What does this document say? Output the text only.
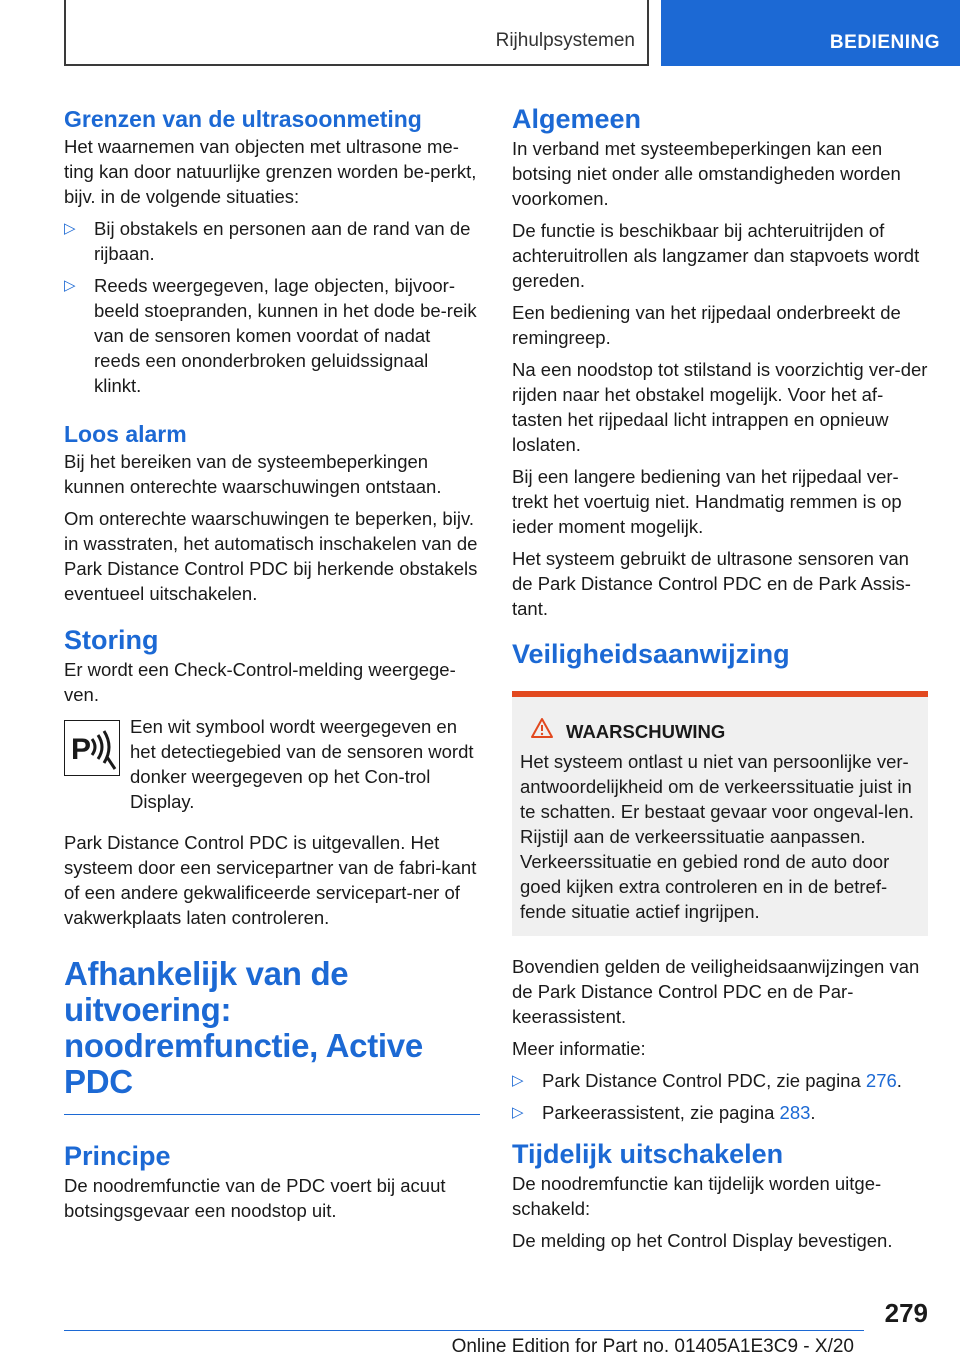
Rijhulpsystemen	BEDIENING
Grenzen van de ultrasoonmeting

Het waarnemen van objecten met ultrasone me-ting kan door natuurlijke grenzen worden be-perkt, bijv. in de volgende situaties:

▷ Bij obstakels en personen aan de rand van de rijbaan.
▷ Reeds weergegeven, lage objecten, bijvoor-beeld stoepranden, kunnen in het dode be-reik van de sensoren komen voordat of nadat reeds een ononderbroken geluidssignaal klinkt.
Loos alarm

Bij het bereiken van de systeembeperkingen kunnen onterechte waarschuwingen ontstaan.

Om onterechte waarschuwingen te beperken, bijv. in wasstraten, het automatisch inschakelen van de Park Distance Control PDC bij herkende obstakels eventueel uitschakelen.

Storing

Er wordt een Check-Control-melding weergege-ven.

P
Een wit symbool wordt weergegeven en het detectiegebied van de sensoren wordt donker weergegeven op het Con-trol Display.

Park Distance Control PDC is uitgevallen. Het systeem door een servicepartner van de fabri-kant of een andere gekwalificeerde servicepart-ner of vakwerkplaats laten controleren.

Afhankelijk van de uitvoering: noodremfunctie, Active PDC
Principe

De noodremfunctie van de PDC voert bij acuut botsingsgevaar een noodstop uit.

Algemeen

In verband met systeembeperkingen kan een botsing niet onder alle omstandigheden worden voorkomen.

De functie is beschikbaar bij achteruitrijden of achteruitrollen als langzamer dan stapvoets wordt gereden.

Een bediening van het rijpedaal onderbreekt de remingreep.

Na een noodstop tot stilstand is voorzichtig ver-der rijden naar het obstakel mogelijk. Voor het af-tasten het rijpedaal licht intrappen en opnieuw loslaten.

Bij een langere bediening van het rijpedaal ver-trekt het voertuig niet. Handmatig remmen is op ieder moment mogelijk.

Het systeem gebruikt de ultrasone sensoren van de Park Distance Control PDC en de Park Assis-tant.

Veiligheidsaanwijzing
WAARSCHUWING
Het systeem ontlast u niet van persoonlijke ver-antwoordelijkheid om de verkeerssituatie juist in te schatten. Er bestaat gevaar voor ongeval-len. Rijstijl aan de verkeerssituatie aanpassen. Verkeerssituatie en gebied rond de auto door goed kijken extra controleren en in de betref-fende situatie actief ingrijpen.

Bovendien gelden de veiligheidsaanwijzingen van de Park Distance Control PDC en de Par-keerassistent.

Meer informatie:

▷ Park Distance Control PDC, zie pagina 276.
▷ Parkeerassistent, zie pagina 283.
Tijdelijk uitschakelen

De noodremfunctie kan tijdelijk worden uitge-schakeld:

De melding op het Control Display bevestigen.

279
Online Edition for Part no. 01405A1E3C9 - X/20
